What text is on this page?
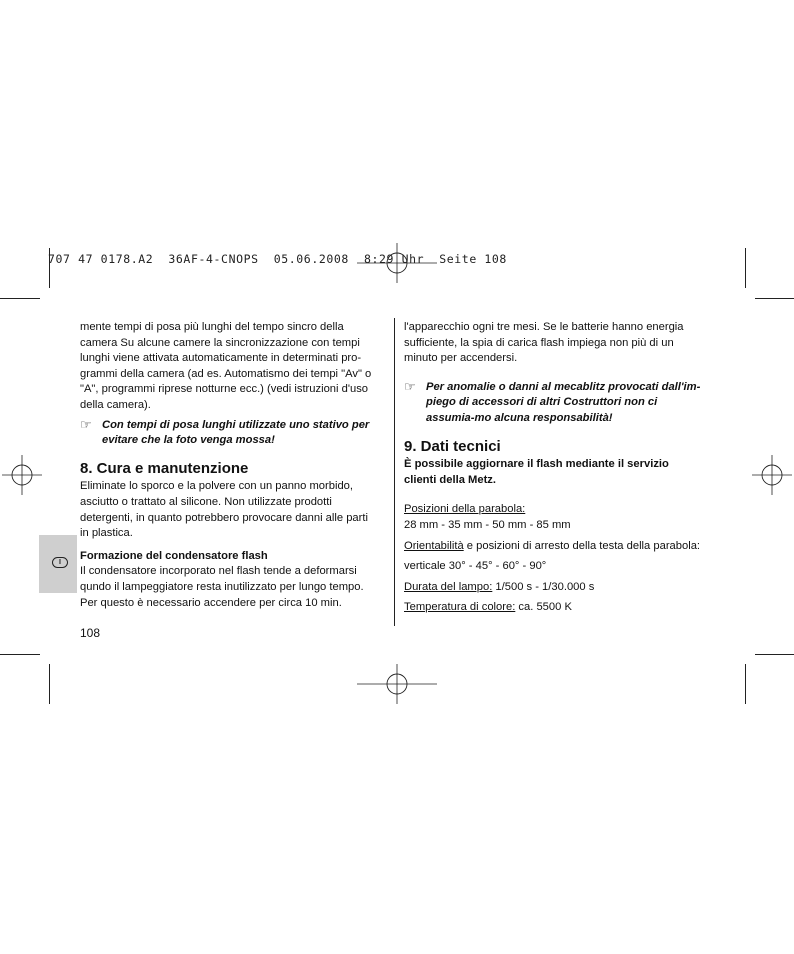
707 47 0178.A2  36AF-4-CNOPS  05.06.2008  8:29 Uhr  Seite 108
I

mente tempi di posa più lunghi del tempo sincro della camera Su alcune camere la sincronizzazione con tempi lunghi viene attivata automaticamente in determinati pro-grammi della camera (ad es. Automatismo dei tempi "Av" o "A", programmi riprese notturne ecc.) (vedi istruzioni d'uso della camera).

☞ Con tempi di posa lunghi utilizzate uno stativo per evitare che la foto venga mossa!

8. Cura e manutenzione

Eliminate lo sporco e la polvere con un panno morbido, asciutto o trattato al silicone. Non utilizzate prodotti detergenti, in quanto potrebbero provocare danni alle parti in plastica.

Formazione del condensatore flash

Il condensatore incorporato nel flash tende a deformarsi qundo il lampeggiatore resta inutilizzato per lungo tempo. Per questo è necessario accendere per circa 10 min.

108

l'apparecchio ogni tre mesi. Se le batterie hanno energia sufficiente, la spia di carica flash impiega non più di un minuto per accendersi.

☞ Per anomalie o danni al mecablitz provocati dall'im-piego di accessori di altri Costruttori non ci assumia-mo alcuna responsabilità!

9. Dati tecnici

È possibile aggiornare il flash mediante il servizio clienti della Metz.

Posizioni della parabola:

28 mm - 35 mm - 50 mm - 85 mm

Orientabilità e posizioni di arresto della testa della parabola:

verticale 30° - 45° - 60° - 90°

Durata del lampo: 1/500 s - 1/30.000 s

Temperatura di colore: ca. 5500 K
